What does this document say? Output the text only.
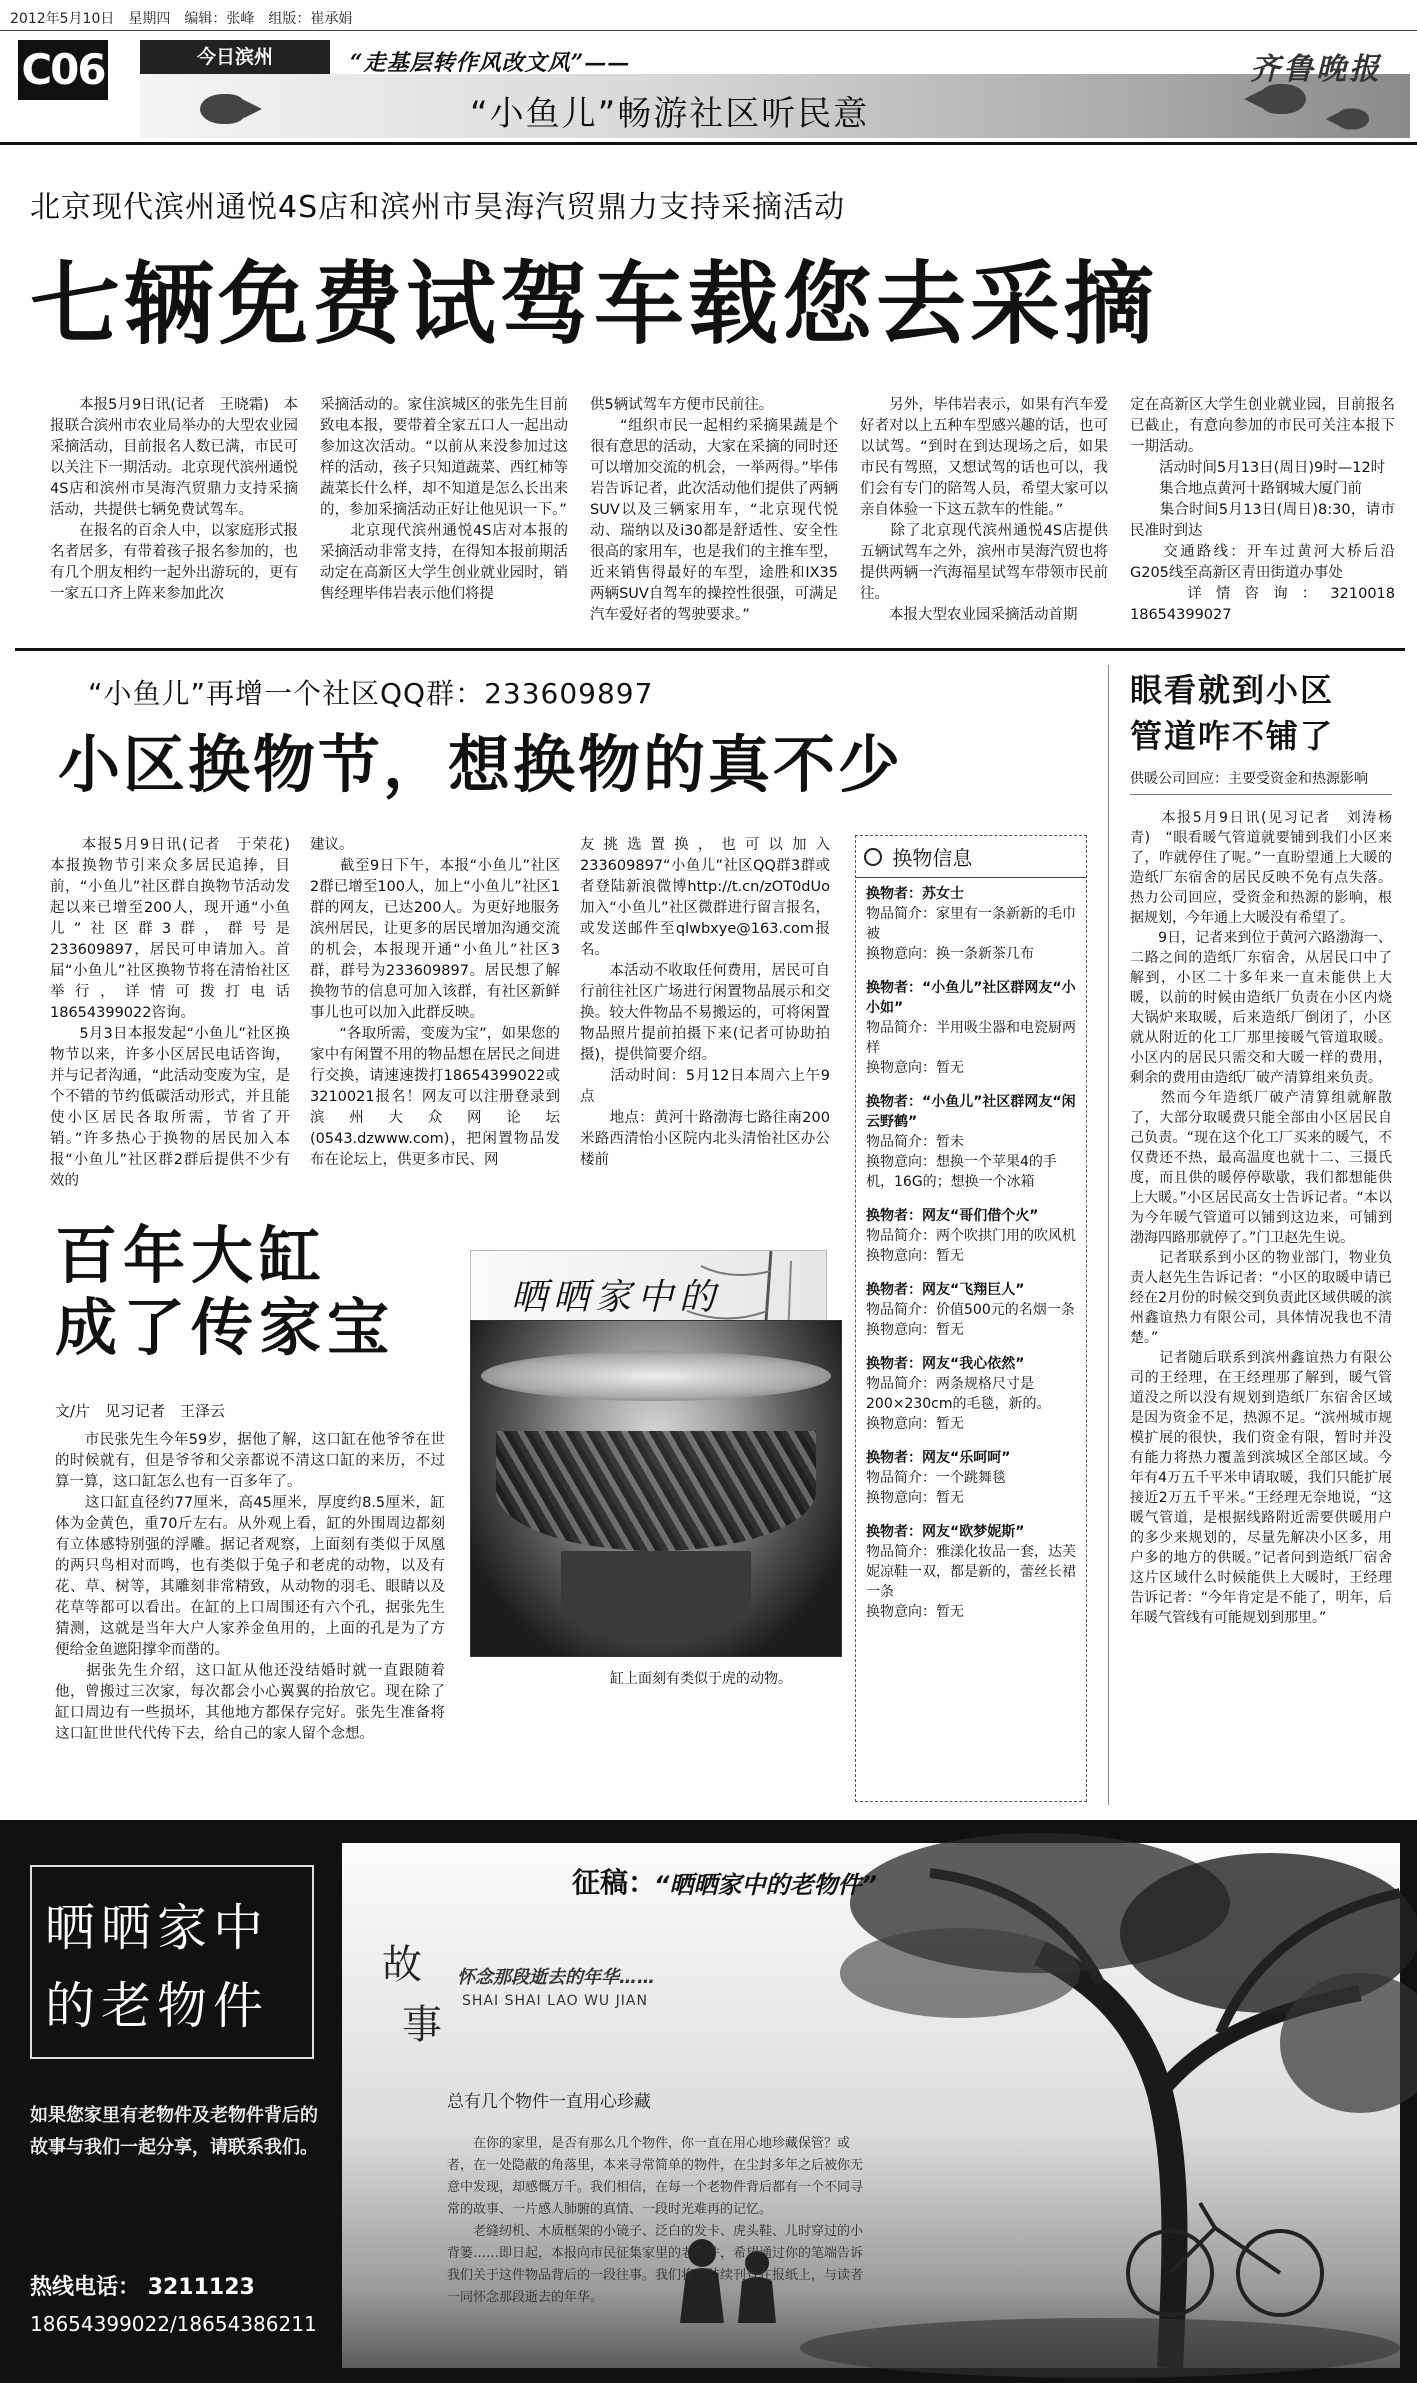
2012年5月10日　星期四　编辑：张峰　组版：崔承娟
C06	今日滨州	“走基层转作风改文风”——
“小鱼儿”畅游社区听民意
齐鲁晚报
北京现代滨州通悦4S店和滨州市昊海汽贸鼎力支持采摘活动
七辆免费试驾车载您去采摘
　　本报5月9日讯(记者　王晓霜)　本报联合滨州市农业局举办的大型农业园采摘活动，目前报名人数已满，市民可以关注下一期活动。北京现代滨州通悦4S店和滨州市昊海汽贸鼎力支持采摘活动，共提供七辆免费试驾车。
　　在报名的百余人中，以家庭形式报名者居多，有带着孩子报名参加的，也有几个朋友相约一起外出游玩的，更有一家五口齐上阵来参加此次
采摘活动的。家住滨城区的张先生目前致电本报，要带着全家五口人一起出动参加这次活动。“以前从来没参加过这样的活动，孩子只知道蔬菜、西红柿等蔬菜长什么样，却不知道是怎么长出来的，参加采摘活动正好让他见识一下。”
　　北京现代滨州通悦4S店对本报的采摘活动非常支持，在得知本报前期活动定在高新区大学生创业就业园时，销售经理毕伟岩表示他们将提
供5辆试驾车方便市民前往。
　　“组织市民一起相约采摘果蔬是个很有意思的活动，大家在采摘的同时还可以增加交流的机会，一举两得。”毕伟岩告诉记者，此次活动他们提供了两辆SUV以及三辆家用车，“北京现代悦动、瑞纳以及i30都是舒适性、安全性很高的家用车，也是我们的主推车型，近来销售得最好的车型，途胜和IX35两辆SUV自驾车的操控性很强，可满足汽车爱好者的驾驶要求。”
　　另外，毕伟岩表示，如果有汽车爱好者对以上五种车型感兴趣的话，也可以试驾。“到时在到达现场之后，如果市民有驾照，又想试驾的话也可以，我们会有专门的陪驾人员，希望大家可以亲自体验一下这五款车的性能。”
　　除了北京现代滨州通悦4S店提供五辆试驾车之外，滨州市昊海汽贸也将提供两辆一汽海福星试驾车带领市民前往。
　　本报大型农业园采摘活动首期
定在高新区大学生创业就业园，目前报名已截止，有意向参加的市民可关注本报下一期活动。
　　活动时间5月13日(周日)9时—12时
　　集合地点黄河十路钢城大厦门前
　　集合时间5月13日(周日)8:30，请市民准时到达
　　交通路线：开车过黄河大桥后沿G205线至高新区青田街道办事处
　　详情咨询：3210018 18654399027
“小鱼儿”再增一个社区QQ群：233609897
小区换物节，想换物的真不少
　　本报5月9日讯(记者　于荣花)　本报换物节引来众多居民追捧，目前，“小鱼儿”社区群自换物节活动发起以来已增至200人，现开通“小鱼儿”社区群3群，群号是233609897，居民可申请加入。首届“小鱼儿”社区换物节将在清怡社区举行，详情可拨打电话18654399022咨询。
　　5月3日本报发起“小鱼儿”社区换物节以来，许多小区居民电话咨询，并与记者沟通，“此活动变废为宝，是个不错的节约低碳活动形式，并且能使小区居民各取所需，节省了开销。”许多热心于换物的居民加入本报“小鱼儿”社区群2群后提供不少有效的
建议。
　　截至9日下午，本报“小鱼儿”社区2群已增至100人，加上“小鱼儿”社区1群的网友，已达200人。为更好地服务滨州居民，让更多的居民增加沟通交流的机会，本报现开通“小鱼儿”社区3群，群号为233609897。居民想了解换物节的信息可加入该群，有社区新鲜事儿也可以加入此群反映。
　　“各取所需，变废为宝”，如果您的家中有闲置不用的物品想在居民之间进行交换，请速速拨打18654399022或3210021报名！网友可以注册登录到滨州大众网论坛(0543.dzwww.com)，把闲置物品发布在论坛上，供更多市民、网
友挑选置换，也可以加入233609897“小鱼儿”社区QQ群3群或者登陆新浪微博http://t.cn/zOT0dUo加入“小鱼儿”社区微群进行留言报名，或发送邮件至qlwbxye@163.com报名。
　　本活动不收取任何费用，居民可自行前往社区广场进行闲置物品展示和交换。较大件物品不易搬运的，可将闲置物品照片提前拍摄下来(记者可协助拍摄)，提供简要介绍。
　　活动时间：5月12日本周六上午9点
　　地点：黄河十路渤海七路往南200米路西清怡小区院内北头清怡社区办公楼前
换物信息
换物者：苏女士
物品简介：家里有一条新新的毛巾被
换物意向：换一条新茶几布
换物者：“小鱼儿”社区群网友“小小如”
物品简介：半用吸尘器和电瓷厨两样
换物意向：暂无
换物者：“小鱼儿”社区群网友“闲云野鹤”
物品简介：暂未
换物意向：想换一个苹果4的手机，16G的；想换一个冰箱
换物者：网友“哥们借个火”
物品简介：两个吹拱门用的吹风机
换物意向：暂无
换物者：网友“飞翔巨人”
物品简介：价值500元的名烟一条
换物意向：暂无
换物者：网友“我心依然”
物品简介：两条规格尺寸是200×230cm的毛毯，新的。
换物意向：暂无
换物者：网友“乐呵呵”
物品简介：一个跳舞毯
换物意向：暂无
换物者：网友“欧梦妮斯”
物品简介：雅漾化妆品一套，达芙妮凉鞋一双，都是新的，蕾丝长裙一条
换物意向：暂无
百年大缸
成了传家宝	晒晒家中的
文/片　见习记者　王泽云
　　市民张先生今年59岁，据他了解，这口缸在他爷爷在世的时候就有，但是爷爷和父亲都说不清这口缸的来历，不过算一算，这口缸怎么也有一百多年了。
　　这口缸直径约77厘米，高45厘米，厚度约8.5厘米，缸体为金黄色，重70斤左右。从外观上看，缸的外围周边都刻有立体感特别强的浮雕。据记者观察，上面刻有类似于凤凰的两只鸟相对而鸣，也有类似于兔子和老虎的动物，以及有花、草、树等，其雕刻非常精致，从动物的羽毛、眼睛以及花草等都可以看出。在缸的上口周围还有六个孔，据张先生猜测，这就是当年大户人家养金鱼用的，上面的孔是为了方便给金鱼遮阳撑伞而凿的。
　　据张先生介绍，这口缸从他还没结婚时就一直跟随着他，曾搬过三次家，每次都会小心翼翼的抬放它。现在除了缸口周边有一些损坏，其他地方都保存完好。张先生准备将这口缸世世代代传下去，给自己的家人留个念想。
缸上面刻有类似于虎的动物。
眼看就到小区
管道咋不铺了
供暖公司回应：主要受资金和热源影响
　　本报5月9日讯(见习记者　刘涛杨青)　“眼看暖气管道就要铺到我们小区来了，咋就停住了呢。”一直盼望通上大暖的造纸厂东宿舍的居民反映不免有点失落。热力公司回应，受资金和热源的影响，根据规划，今年通上大暖没有希望了。
　　9日，记者来到位于黄河六路渤海一、二路之间的造纸厂东宿舍，从居民口中了解到，小区二十多年来一直未能供上大暖，以前的时候由造纸厂负责在小区内烧大锅炉来取暖，后来造纸厂倒闭了，小区就从附近的化工厂那里接暖气管道取暖。小区内的居民只需交和大暖一样的费用，剩余的费用由造纸厂破产清算组来负责。
　　然而今年造纸厂破产清算组就解散了，大部分取暖费只能全部由小区居民自己负责。“现在这个化工厂买来的暖气，不仅费还不热，最高温度也就十二、三摄氏度，而且供的暖停停歇歇，我们都想能供上大暖。”小区居民高女士告诉记者。“本以为今年暖气管道可以铺到这边来，可铺到渤海四路那就停了。”门卫赵先生说。
　　记者联系到小区的物业部门，物业负责人赵先生告诉记者：“小区的取暖申请已经在2月份的时候交到负责此区域供暖的滨州鑫谊热力有限公司，具体情况我也不清楚。”
　　记者随后联系到滨州鑫谊热力有限公司的王经理，在王经理那了解到，暖气管道没之所以没有规划到造纸厂东宿舍区域是因为资金不足，热源不足。“滨州城市规模扩展的很快，我们资金有限，暂时并没有能力将热力覆盖到滨城区全部区域。今年有4万五千平米申请取暖，我们只能扩展接近2万五千平米。”王经理无奈地说，“这暖气管道，是根据线路附近需要供暖用户的多少来规划的，尽量先解决小区多，用户多的地方的供暖。”记者问到造纸厂宿舍这片区域什么时候能供上大暖时，王经理告诉记者：“今年肯定是不能了，明年，后年暖气管线有可能规划到那里。”
晒晒家中
的老物件
如果您家里有老物件及老物件背后的故事与我们一起分享，请联系我们。
热线电话： 3211123
18654399022/18654386211
征稿：
“晒晒家中的老物件”
故
事
怀念那段逝去的年华……
SHAI SHAI LAO WU JIAN
总有几个物件一直用心珍藏
　　在你的家里，是否有那么几个物件，你一直在用心地珍藏保管？或者，在一处隐蔽的角落里，本来寻常简单的物件，在尘封多年之后被你无意中发现，却感慨万千。我们相信，在每一个老物件背后都有一个不同寻常的故事、一片感人肺腑的真情、一段时光难再的记忆。
　　老缝纫机、木质框架的小镜子、泛白的发卡、虎头鞋、儿时穿过的小背篓……即日起，本报向市民征集家里的老物件，希望通过你的笔端告诉我们关于这件物品背后的一段往事。我们将会陆续刊登在报纸上，与读者一同怀念那段逝去的年华。
